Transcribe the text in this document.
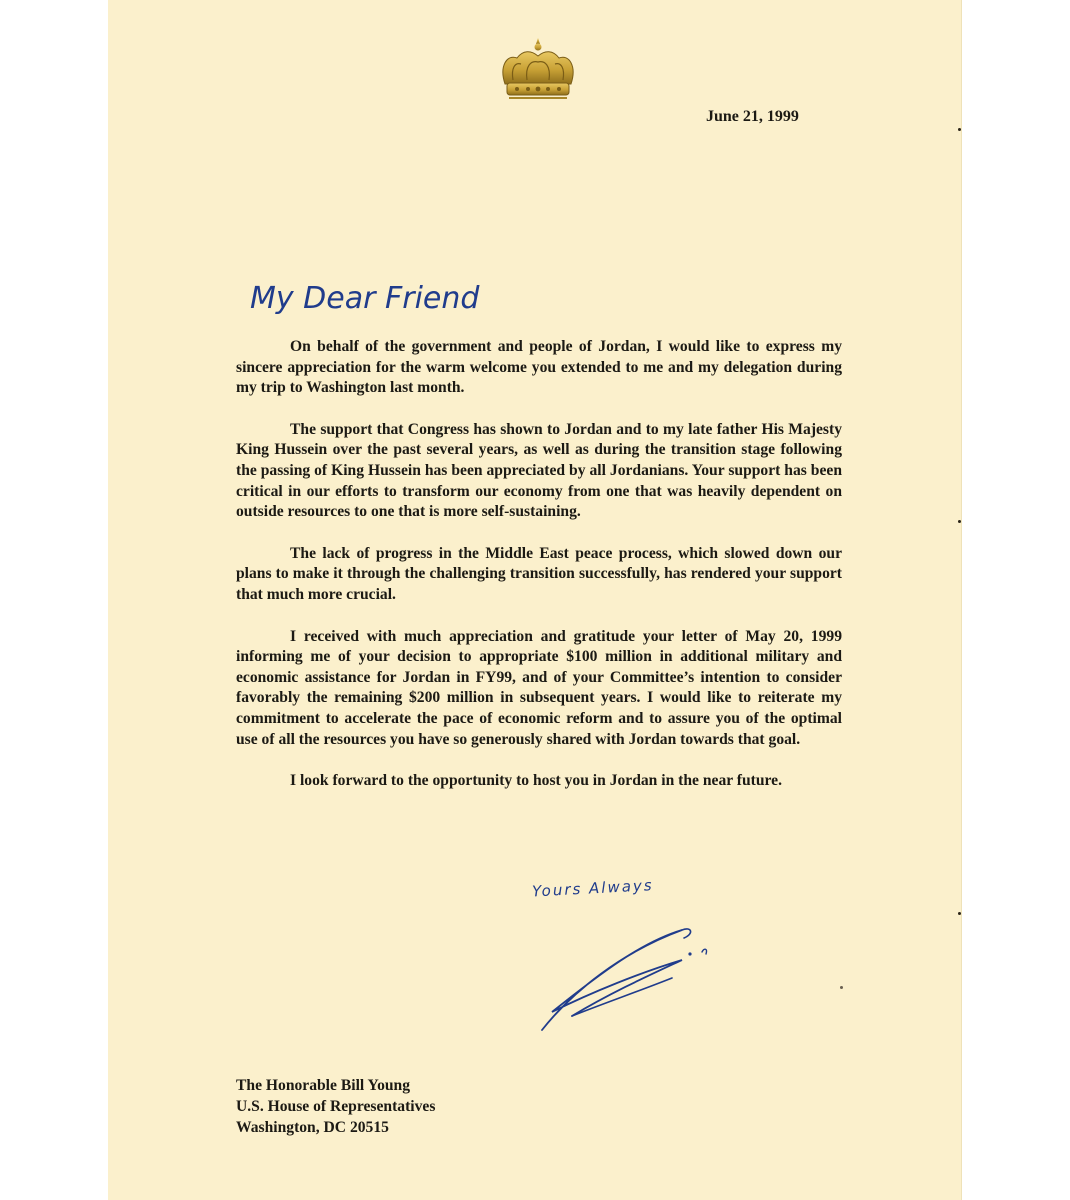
June 21, 1999
My Dear Friend

On behalf of the government and people of Jordan, I would like to express my sincere appreciation for the warm welcome you extended to me and my delegation during my trip to Washington last month.

The support that Congress has shown to Jordan and to my late father His Majesty King Hussein over the past several years, as well as during the transition stage following the passing of King Hussein has been appreciated by all Jordanians. Your support has been critical in our efforts to transform our economy from one that was heavily dependent on outside resources to one that is more self-sustaining.

The lack of progress in the Middle East peace process, which slowed down our plans to make it through the challenging transition successfully, has rendered your support that much more crucial.

I received with much appreciation and gratitude your letter of May 20, 1999 informing me of your decision to appropriate $100 million in additional military and economic assistance for Jordan in FY99, and of your Committee’s intention to consider favorably the remaining $200 million in subsequent years. I would like to reiterate my commitment to accelerate the pace of economic reform and to assure you of the optimal use of all the resources you have so generously shared with Jordan towards that goal.

I look forward to the opportunity to host you in Jordan in the near future.

Yours Always
The Honorable Bill Young
U.S. House of Representatives
Washington, DC 20515
